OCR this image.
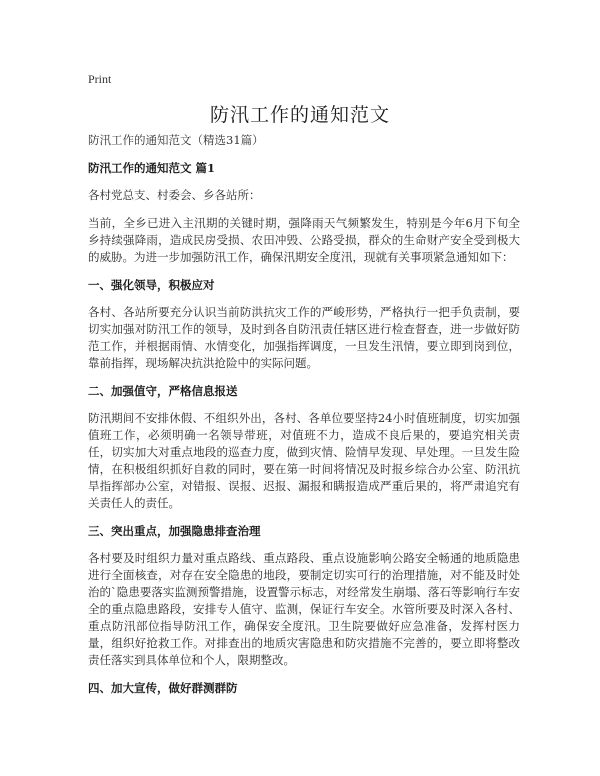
Print
防汛工作的通知范文

防汛工作的通知范文（精选31篇）

防汛工作的通知范文 篇1

各村党总支、村委会、乡各站所：

当前，全乡已进入主汛期的关键时期，强降雨天气频繁发生，特别是今年6月下旬全乡持续强降雨，造成民房受损、农田冲毁、公路受损，群众的生命财产安全受到极大的威胁。为进一步加强防汛工作，确保汛期安全度汛，现就有关事项紧急通知如下：

一、强化领导，积极应对

各村、各站所要充分认识当前防洪抗灾工作的严峻形势，严格执行一把手负责制，要切实加强对防汛工作的领导，及时到各自防汛责任辖区进行检查督查，进一步做好防范工作，并根据雨情、水情变化，加强指挥调度，一旦发生汛情，要立即到岗到位，靠前指挥，现场解决抗洪抢险中的实际问题。

二、加强值守，严格信息报送

防汛期间不安排休假、不组织外出，各村、各单位要坚持24小时值班制度，切实加强值班工作，必须明确一名领导带班，对值班不力，造成不良后果的，要追究相关责任，切实加大对重点地段的巡查力度，做到灾情、险情早发现、早处理。一旦发生险情，在积极组织抓好自救的同时，要在第一时间将情况及时报乡综合办公室、防汛抗旱指挥部办公室，对错报、误报、迟报、漏报和瞒报造成严重后果的，将严肃追究有关责任人的责任。

三、突出重点，加强隐患排查治理

各村要及时组织力量对重点路线、重点路段、重点设施影响公路安全畅通的地质隐患进行全面核查，对存在安全隐患的地段，要制定切实可行的治理措施，对不能及时处治的`隐患要落实监测预警措施，设置警示标志，对经常发生崩塌、落石等影响行车安全的重点隐患路段，安排专人值守、监测，保证行车安全。水管所要及时深入各村、重点防汛部位指导防汛工作，确保安全度汛。卫生院要做好应急准备，发挥村医力量，组织好抢救工作。对排查出的地质灾害隐患和防灾措施不完善的，要立即将整改责任落实到具体单位和个人，限期整改。

四、加大宣传，做好群测群防
